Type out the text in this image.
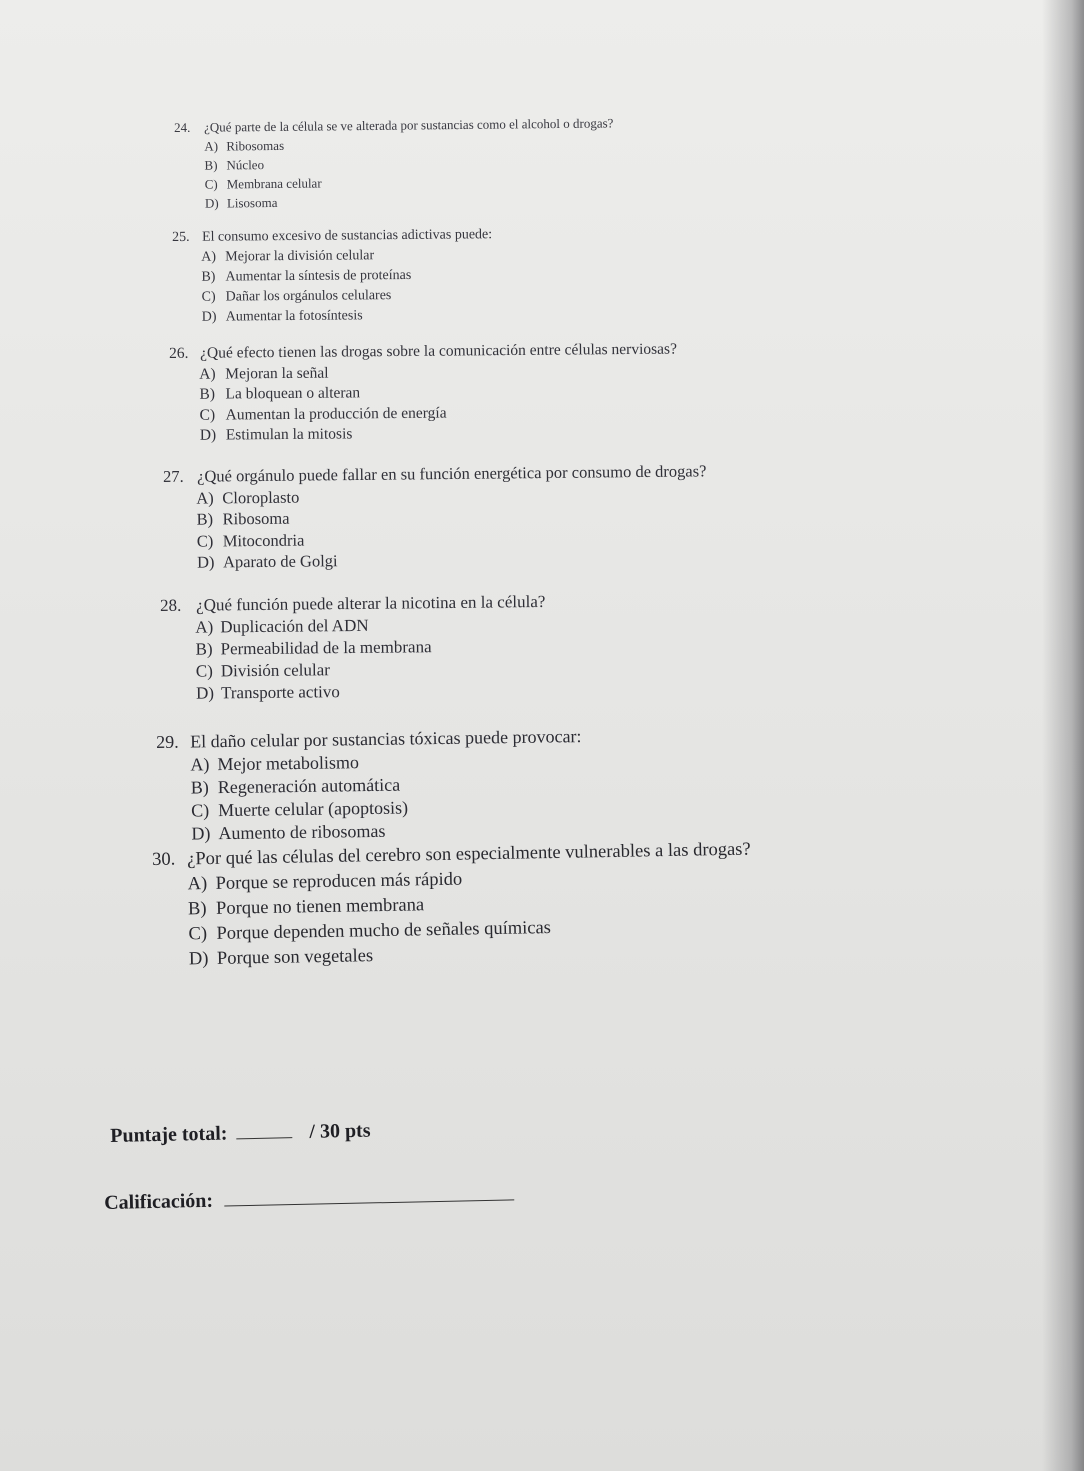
24. ¿Qué parte de la célula se ve alterada por sustancias como el alcohol o drogas?

A) Ribosomas
B) Núcleo
C) Membrana celular
D) Lisosoma

25. El consumo excesivo de sustancias adictivas puede:

A) Mejorar la división celular
B) Aumentar la síntesis de proteínas
C) Dañar los orgánulos celulares
D) Aumentar la fotosíntesis

26. ¿Qué efecto tienen las drogas sobre la comunicación entre células nerviosas?

A) Mejoran la señal
B) La bloquean o alteran
C) Aumentan la producción de energía
D) Estimulan la mitosis

27. ¿Qué orgánulo puede fallar en su función energética por consumo de drogas?

A) Cloroplasto
B) Ribosoma
C) Mitocondria
D) Aparato de Golgi

28. ¿Qué función puede alterar la nicotina en la célula?

A) Duplicación del ADN
B) Permeabilidad de la membrana
C) División celular
D) Transporte activo

29. El daño celular por sustancias tóxicas puede provocar:

A) Mejor metabolismo
B) Regeneración automática
C) Muerte celular (apoptosis)
D) Aumento de ribosomas

30. ¿Por qué las células del cerebro son especialmente vulnerables a las drogas?

A) Porque se reproducen más rápido
B) Porque no tienen membrana
C) Porque dependen mucho de señales químicas
D) Porque son vegetales
Puntaje total:	/ 30 pts
Calificación:
